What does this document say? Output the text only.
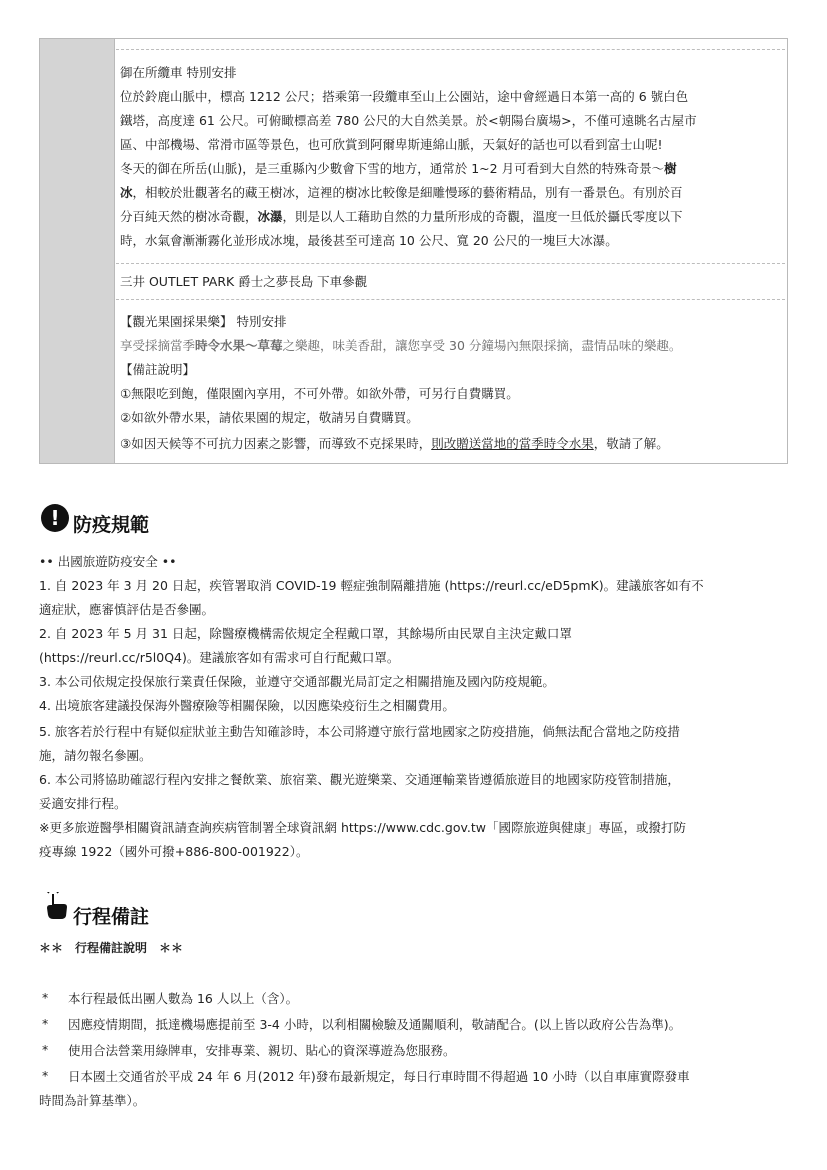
御在所纜車 特別安排
位於鈴鹿山脈中，標高 1212 公尺；搭乘第一段纜車至山上公園站，途中會經過日本第一高的 6 號白色
鐵塔，高度達 61 公尺。可俯瞰標高差 780 公尺的大自然美景。於<朝陽台廣場>，不僅可遠眺名古屋市
區、中部機場、常滑市區等景色，也可欣賞到阿爾卑斯連綿山脈，天氣好的話也可以看到富士山呢!
冬天的御在所岳(山脈)，是三重縣內少數會下雪的地方，通常於 1~2 月可看到大自然的特殊奇景～樹
冰，相較於壯觀著名的藏王樹冰，這裡的樹冰比較像是細雕慢琢的藝術精品，別有一番景色。有別於百
分百純天然的樹冰奇觀，冰瀑，則是以人工藉助自然的力量所形成的奇觀，溫度一旦低於攝氏零度以下
時，水氣會漸漸霧化並形成冰塊，最後甚至可達高 10 公尺、寬 20 公尺的一塊巨大冰瀑。
三井 OUTLET PARK 爵士之夢長島 下車參觀
【觀光果園採果樂】 特別安排
享受採摘當季時令水果～草莓之樂趣，味美香甜，讓您享受 30 分鐘場內無限採摘，盡情品味的樂趣。
【備註說明】
①無限吃到飽，僅限園內享用，不可外帶。如欲外帶，可另行自費購買。
②如欲外帶水果，請依果園的規定，敬請另自費購買。
③如因天候等不可抗力因素之影響，而導致不克採果時，則改贈送當地的當季時令水果，敬請了解。
! 防疫規範
•• 出國旅遊防疫安全 ••
1. 自 2023 年 3 月 20 日起，疾管署取消 COVID-19 輕症強制隔離措施 (https://reurl.cc/eD5pmK)。建議旅客如有不
適症狀，應審慎評估是否參團。
2. 自 2023 年 5 月 31 日起，除醫療機構需依規定全程戴口罩，其餘場所由民眾自主決定戴口罩
(https://reurl.cc/r5l0Q4)。建議旅客如有需求可自行配戴口罩。
3. 本公司依規定投保旅行業責任保險，並遵守交通部觀光局訂定之相關措施及國內防疫規範。
4. 出境旅客建議投保海外醫療險等相關保險，以因應染疫衍生之相關費用。
5. 旅客若於行程中有疑似症狀並主動告知確診時，本公司將遵守旅行當地國家之防疫措施，倘無法配合當地之防疫措
施，請勿報名參團。
6. 本公司將協助確認行程內安排之餐飲業、旅宿業、觀光遊樂業、交通運輸業皆遵循旅遊目的地國家防疫管制措施，
妥適安排行程。
※更多旅遊醫學相關資訊請查詢疾病管制署全球資訊網 https://www.cdc.gov.tw「國際旅遊與健康」專區，或撥打防
疫專線 1922（國外可撥+886-800-001922）。
行程備註
＊＊　行程備註說明　＊＊
* 本行程最低出團人數為 16 人以上（含）。
* 因應疫情期間，抵達機場應提前至 3-4 小時，以利相關檢驗及通關順利，敬請配合。(以上皆以政府公告為準)。
* 使用合法營業用綠牌車，安排專業、親切、貼心的資深導遊為您服務。
* 日本國土交通省於平成 24 年 6 月(2012 年)發布最新規定，每日行車時間不得超過 10 小時（以自車庫實際發車
時間為計算基準）。
